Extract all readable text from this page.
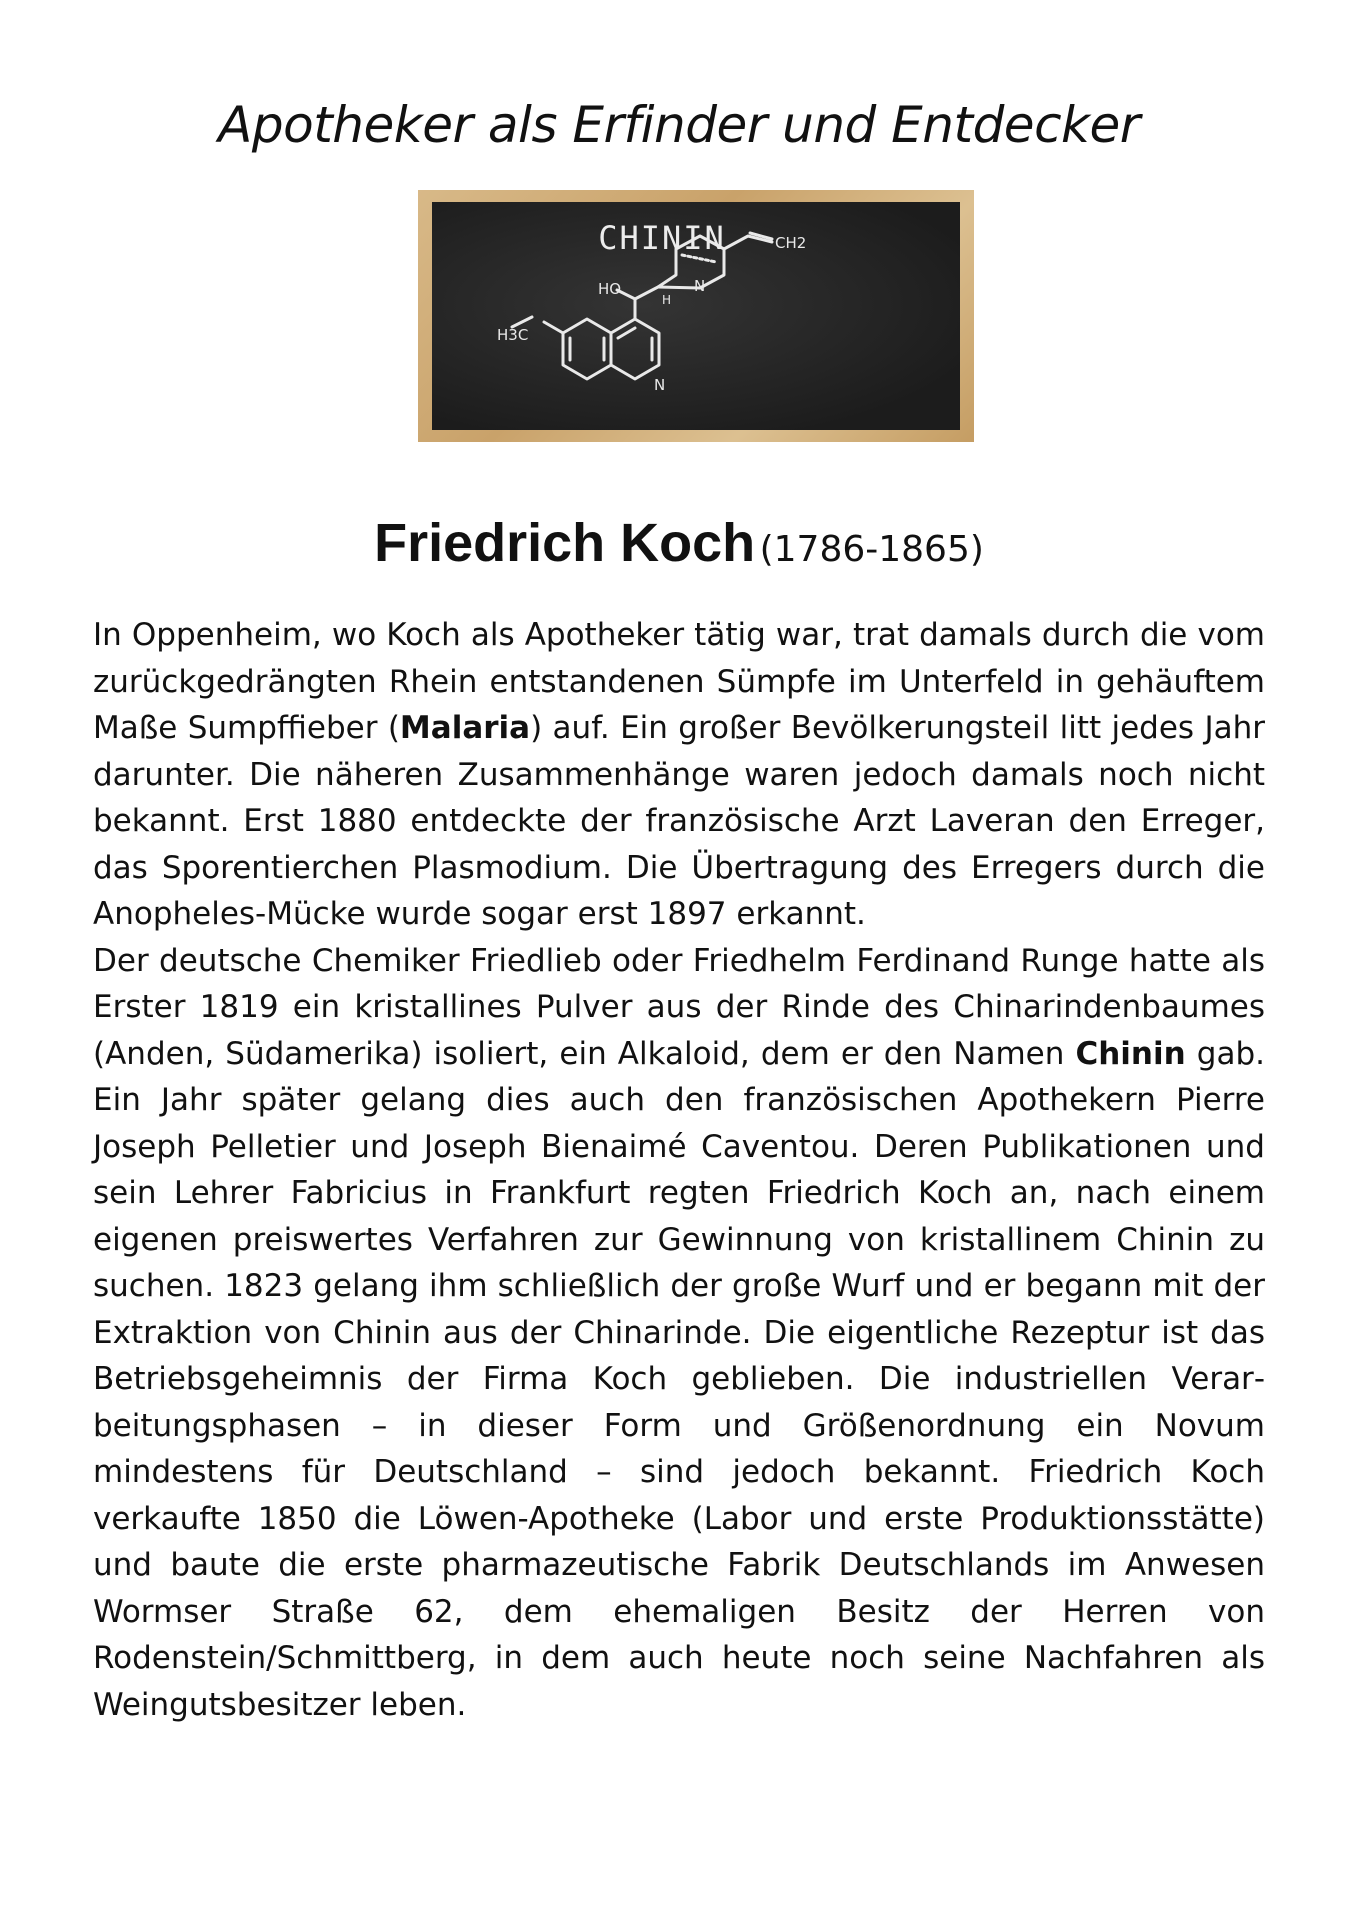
Apotheker als Erfinder und Entdecker
HO
H3C
CH2
N
N
H
CHININ
Friedrich Koch (1786-1865)

In Oppenheim, wo Koch als Apotheker tätig war, trat damals durch die vom zurückgedrängten Rhein entstandenen Sümpfe im Unterfeld in gehäuftem Maße Sumpffieber (Malaria) auf. Ein großer Bevölkerungsteil litt jedes Jahr darunter. Die näheren Zusammenhänge waren jedoch damals noch nicht bekannt. Erst 1880 entdeckte der französische Arzt Laveran den Erreger, das Sporentierchen Plasmodium. Die Übertragung des Erregers durch die Anopheles-Mücke wurde sogar erst 1897 erkannt.

Der deutsche Chemiker Friedlieb oder Friedhelm Ferdinand Runge hatte als Erster 1819 ein kristallines Pulver aus der Rinde des Chinarindenbaumes (Anden, Südamerika) isoliert, ein Alkaloid, dem er den Namen Chinin gab. Ein Jahr später gelang dies auch den französischen Apothekern Pierre Joseph Pelletier und Joseph Bienaimé Caventou. Deren Publikationen und sein Lehrer Fabricius in Frankfurt regten Friedrich Koch an, nach einem eigenen preiswertes Verfahren zur Gewinnung von kristallinem Chinin zu suchen. 1823 gelang ihm schließlich der große Wurf und er begann mit der Extraktion von Chinin aus der Chinarinde. Die eigentliche Rezeptur ist das Betriebsgeheimnis der Firma Koch geblieben. Die industriellen Verarbeitungsphasen – in dieser Form und Größenordnung ein Novum mindestens für Deutschland – sind jedoch bekannt. Friedrich Koch verkaufte 1850 die Löwen-Apotheke (Labor und erste Produktionsstätte) und baute die erste pharmazeutische Fabrik Deutschlands im Anwesen Wormser Straße 62, dem ehemaligen Besitz der Herren von Rodenstein/Schmittberg, in dem auch heute noch seine Nachfahren als Weingutsbesitzer leben.
